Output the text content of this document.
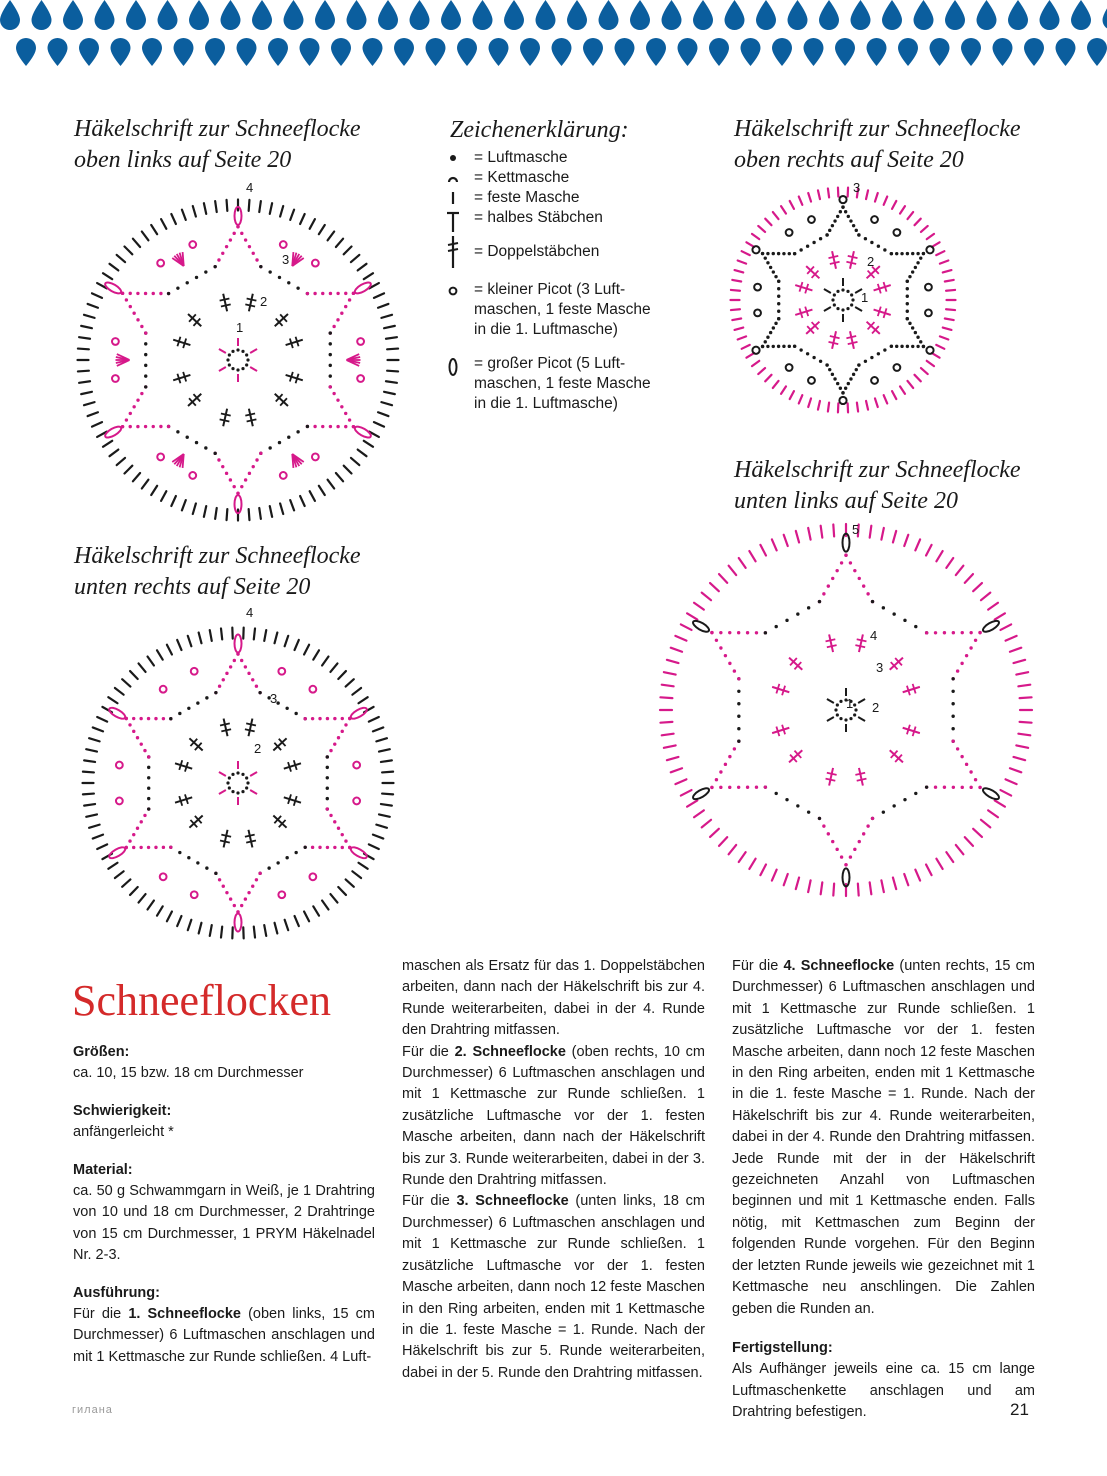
Häkelschrift zur Schneeflocke
oben links auf Seite 20
Häkelschrift zur Schneeflocke
oben rechts auf Seite 20
Häkelschrift zur Schneeflocke
unten links auf Seite 20
Häkelschrift zur Schneeflocke
unten rechts auf Seite 20
Zeichenerklärung:
= Luftmasche
= Kettmasche
= feste Masche
= halbes Stäbchen
= Doppelstäbchen
= kleiner Picot (3 Luft-
maschen, 1 feste Masche
in die 1. Luftmasche)
= großer Picot (5 Luft-
maschen, 1 feste Masche
in die 1. Luftmasche)
4
3
2
1
3
2
1
4
3
2
5
4
3
2
1
Schneeflocken

Größen:

ca. 10, 15 bzw. 18 cm Durchmesser

Schwierigkeit:

anfängerleicht *

Material:

ca. 50 g Schwammgarn in Weiß, je 1 Drahtring von 10 und 18 cm Durchmesser, 2 Drahtringe von 15 cm Durchmesser, 1 PRYM Häkelnadel Nr. 2-3.

Ausführung:

Für die 1. Schneeflocke (oben links, 15 cm Durchmesser) 6 Luftmaschen anschlagen und mit 1 Kettmasche zur Runde schließen. 4 Luft-

maschen als Ersatz für das 1. Doppelstäbchen arbeiten, dann nach der Häkelschrift bis zur 4. Runde weiterarbeiten, dabei in der 4. Runde den Drahtring mitfassen.

Für die 2. Schneeflocke (oben rechts, 10 cm Durchmesser) 6 Luftmaschen anschlagen und mit 1 Kettmasche zur Runde schließen. 1 zusätzliche Luftmasche vor der 1. festen Masche arbeiten, dann nach der Häkelschrift bis zur 3. Runde weiterarbeiten, dabei in der 3. Runde den Drahtring mitfassen.

Für die 3. Schneeflocke (unten links, 18 cm Durchmesser) 6 Luftmaschen anschlagen und mit 1 Kettmasche zur Runde schließen. 1 zusätzliche Luftmasche vor der 1. festen Masche arbeiten, dann noch 12 feste Maschen in den Ring arbeiten, enden mit 1 Kettmasche in die 1. feste Masche = 1. Runde. Nach der Häkelschrift bis zur 5. Runde weiterarbeiten, dabei in der 5. Runde den Drahtring mitfassen.

Für die 4. Schneeflocke (unten rechts, 15 cm Durchmesser) 6 Luftmaschen anschlagen und mit 1 Kettmasche zur Runde schließen. 1 zusätzliche Luftmasche vor der 1. festen Masche arbeiten, dann noch 12 feste Maschen in den Ring arbeiten, enden mit 1 Kettmasche in die 1. feste Masche = 1. Runde. Nach der Häkelschrift bis zur 4. Runde weiterarbeiten, dabei in der 4. Runde den Drahtring mitfassen. Jede Runde mit der in der Häkelschrift gezeichneten Anzahl von Luftmaschen beginnen und mit 1 Kettmasche enden. Falls nötig, mit Kettmaschen zum Beginn der folgenden Runde vorgehen. Für den Beginn der letzten Runde jeweils wie gezeichnet mit 1 Kettmasche neu anschlingen. Die Zahlen geben die Runden an.

Fertigstellung:

Als Aufhänger jeweils eine ca. 15 cm lange Luftmaschenkette anschlagen und am Drahtring befestigen.

гилана	21
